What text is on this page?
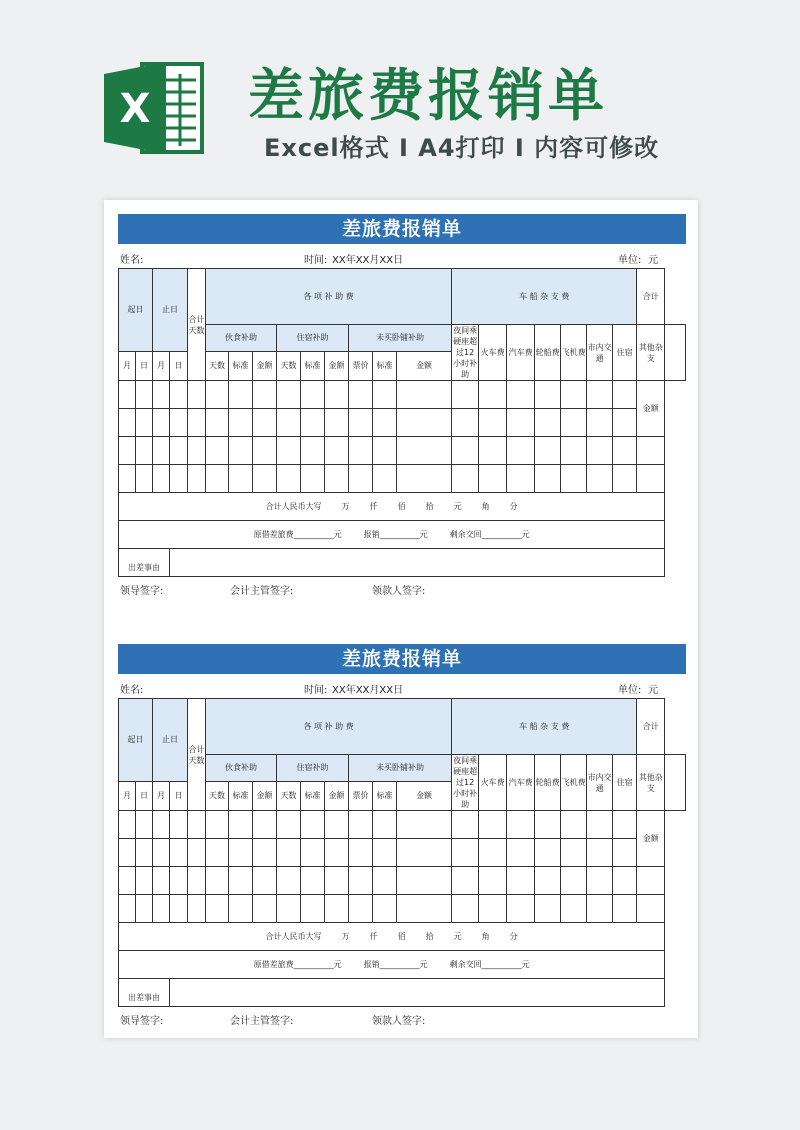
X 差旅费报销单
Excel格式 I A4打印 I 内容可修改
差旅费报销单
姓名:	时间: XX年XX月XX日	单位: 元
起日		止日		合计天数	各 项 补 助 费									车 船 杂 支 费							合计	
					伙食补助			住宿补助			未买卧铺补助			夜间乘硬座超过12小时补助	火车费	汽车费	轮船费	飞机费	市内交通	住宿	其他杂支	
月	日	月	日		天数	标准	金额	天数	标准	金额	票价	标准	金额									
																					金额	

合计人民币大写 万 仟 佰 拾 元 角 分																						
原借差旅费__________元 报销__________元 剩余交回__________元																						
出差事由																						
领导签字:	会计主管签字:	领款人签字:
差旅费报销单
姓名:	时间: XX年XX月XX日	单位: 元
起日		止日		合计天数	各 项 补 助 费									车 船 杂 支 费							合计	
					伙食补助			住宿补助			未买卧铺补助			夜间乘硬座超过12小时补助	火车费	汽车费	轮船费	飞机费	市内交通	住宿	其他杂支	
月	日	月	日		天数	标准	金额	天数	标准	金额	票价	标准	金额									
																					金额	

合计人民币大写 万 仟 佰 拾 元 角 分																						
原借差旅费__________元 报销__________元 剩余交回__________元																						
出差事由																						
领导签字:	会计主管签字:	领款人签字:
